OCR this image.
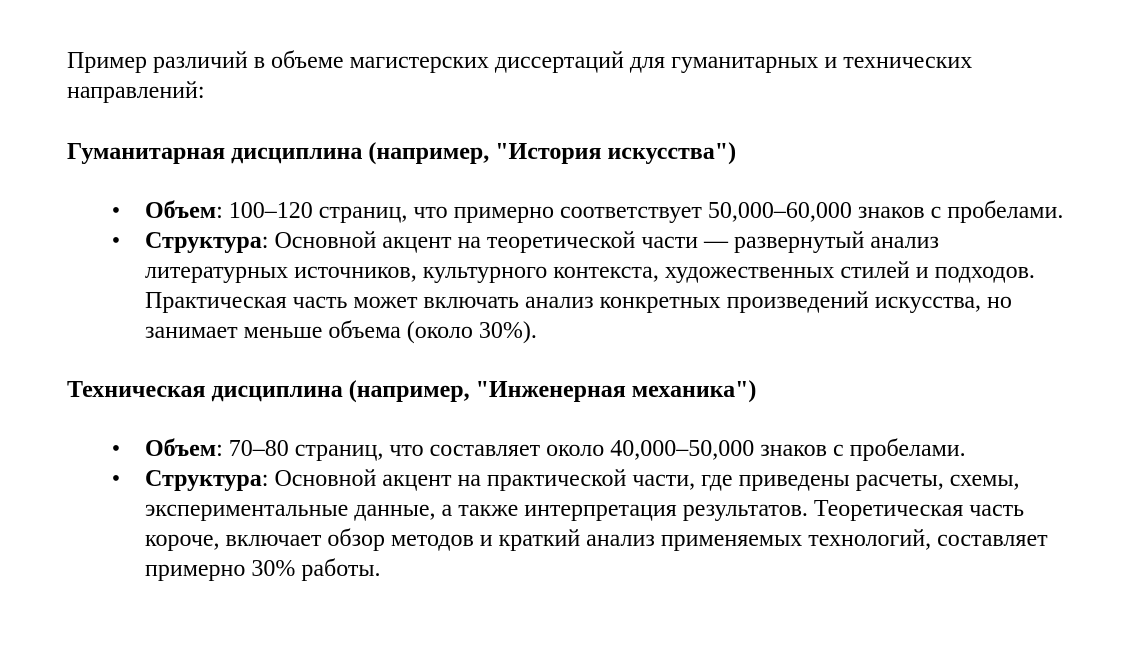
Пример различий в объеме магистерских диссертаций для гуманитарных и технических направлений:

Гуманитарная дисциплина (например, "История искусства")

• Объем: 100–120 страниц, что примерно соответствует 50,000–60,000 знаков с пробелами.
• Структура: Основной акцент на теоретической части — развернутый анализ литературных источников, культурного контекста, художественных стилей и подходов. Практическая часть может включать анализ конкретных произведений искусства, но занимает меньше объема (около 30%).

Техническая дисциплина (например, "Инженерная механика")

• Объем: 70–80 страниц, что составляет около 40,000–50,000 знаков с пробелами.
• Структура: Основной акцент на практической части, где приведены расчеты, схемы, экспериментальные данные, а также интерпретация результатов. Теоретическая часть короче, включает обзор методов и краткий анализ применяемых технологий, составляет примерно 30% работы.
